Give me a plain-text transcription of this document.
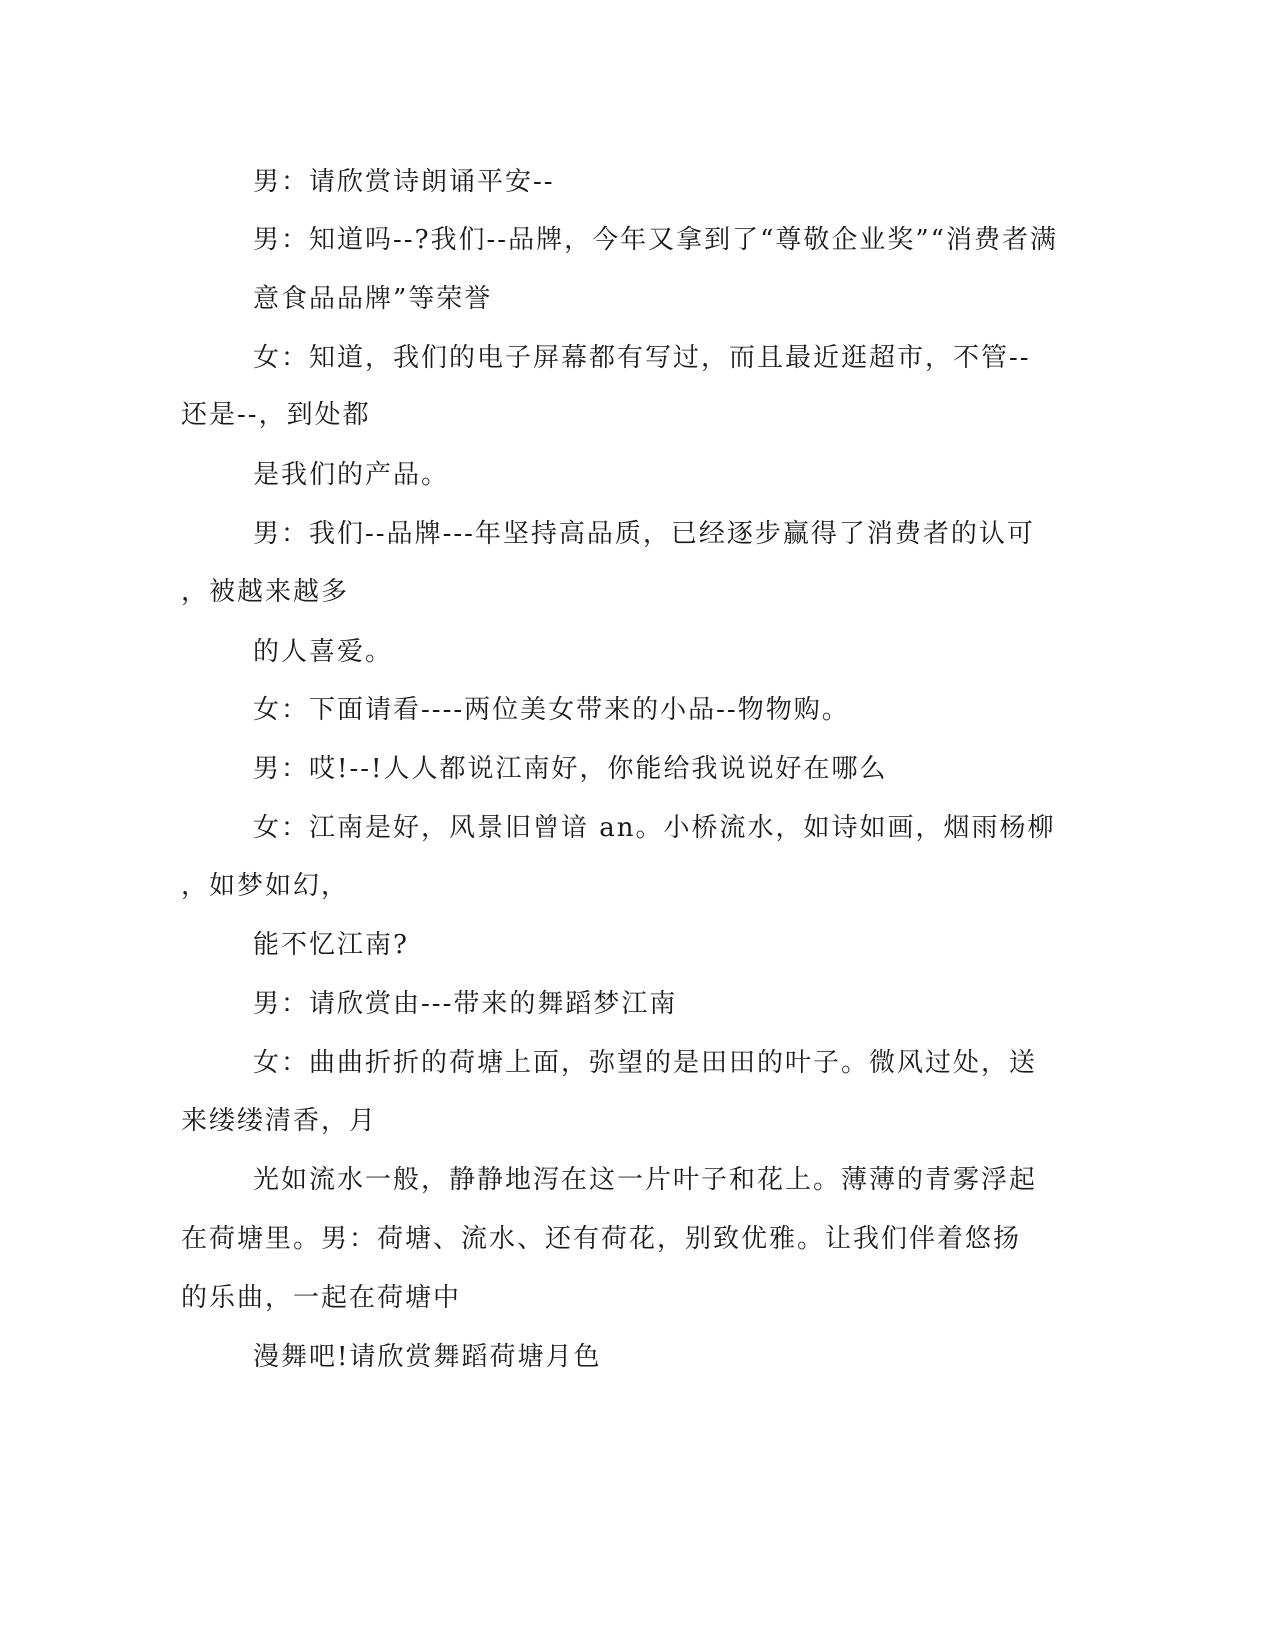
男：请欣赏诗朗诵平安--
男：知道吗--?我们--品牌，今年又拿到了“尊敬企业奖”“消费者满
意食品品牌”等荣誉
女：知道，我们的电子屏幕都有写过，而且最近逛超市，不管--
还是--，到处都
是我们的产品。
男：我们--品牌---年坚持高品质，已经逐步赢得了消费者的认可
，被越来越多
的人喜爱。
女：下面请看----两位美女带来的小品--物物购。
男：哎!--!人人都说江南好，你能给我说说好在哪么
女：江南是好，风景旧曾谙 an。小桥流水，如诗如画，烟雨杨柳
，如梦如幻，
能不忆江南?
男：请欣赏由---带来的舞蹈梦江南
女：曲曲折折的荷塘上面，弥望的是田田的叶子。微风过处，送
来缕缕清香，月
光如流水一般，静静地泻在这一片叶子和花上。薄薄的青雾浮起
在荷塘里。男：荷塘、流水、还有荷花，别致优雅。让我们伴着悠扬
的乐曲，一起在荷塘中
漫舞吧!请欣赏舞蹈荷塘月色
